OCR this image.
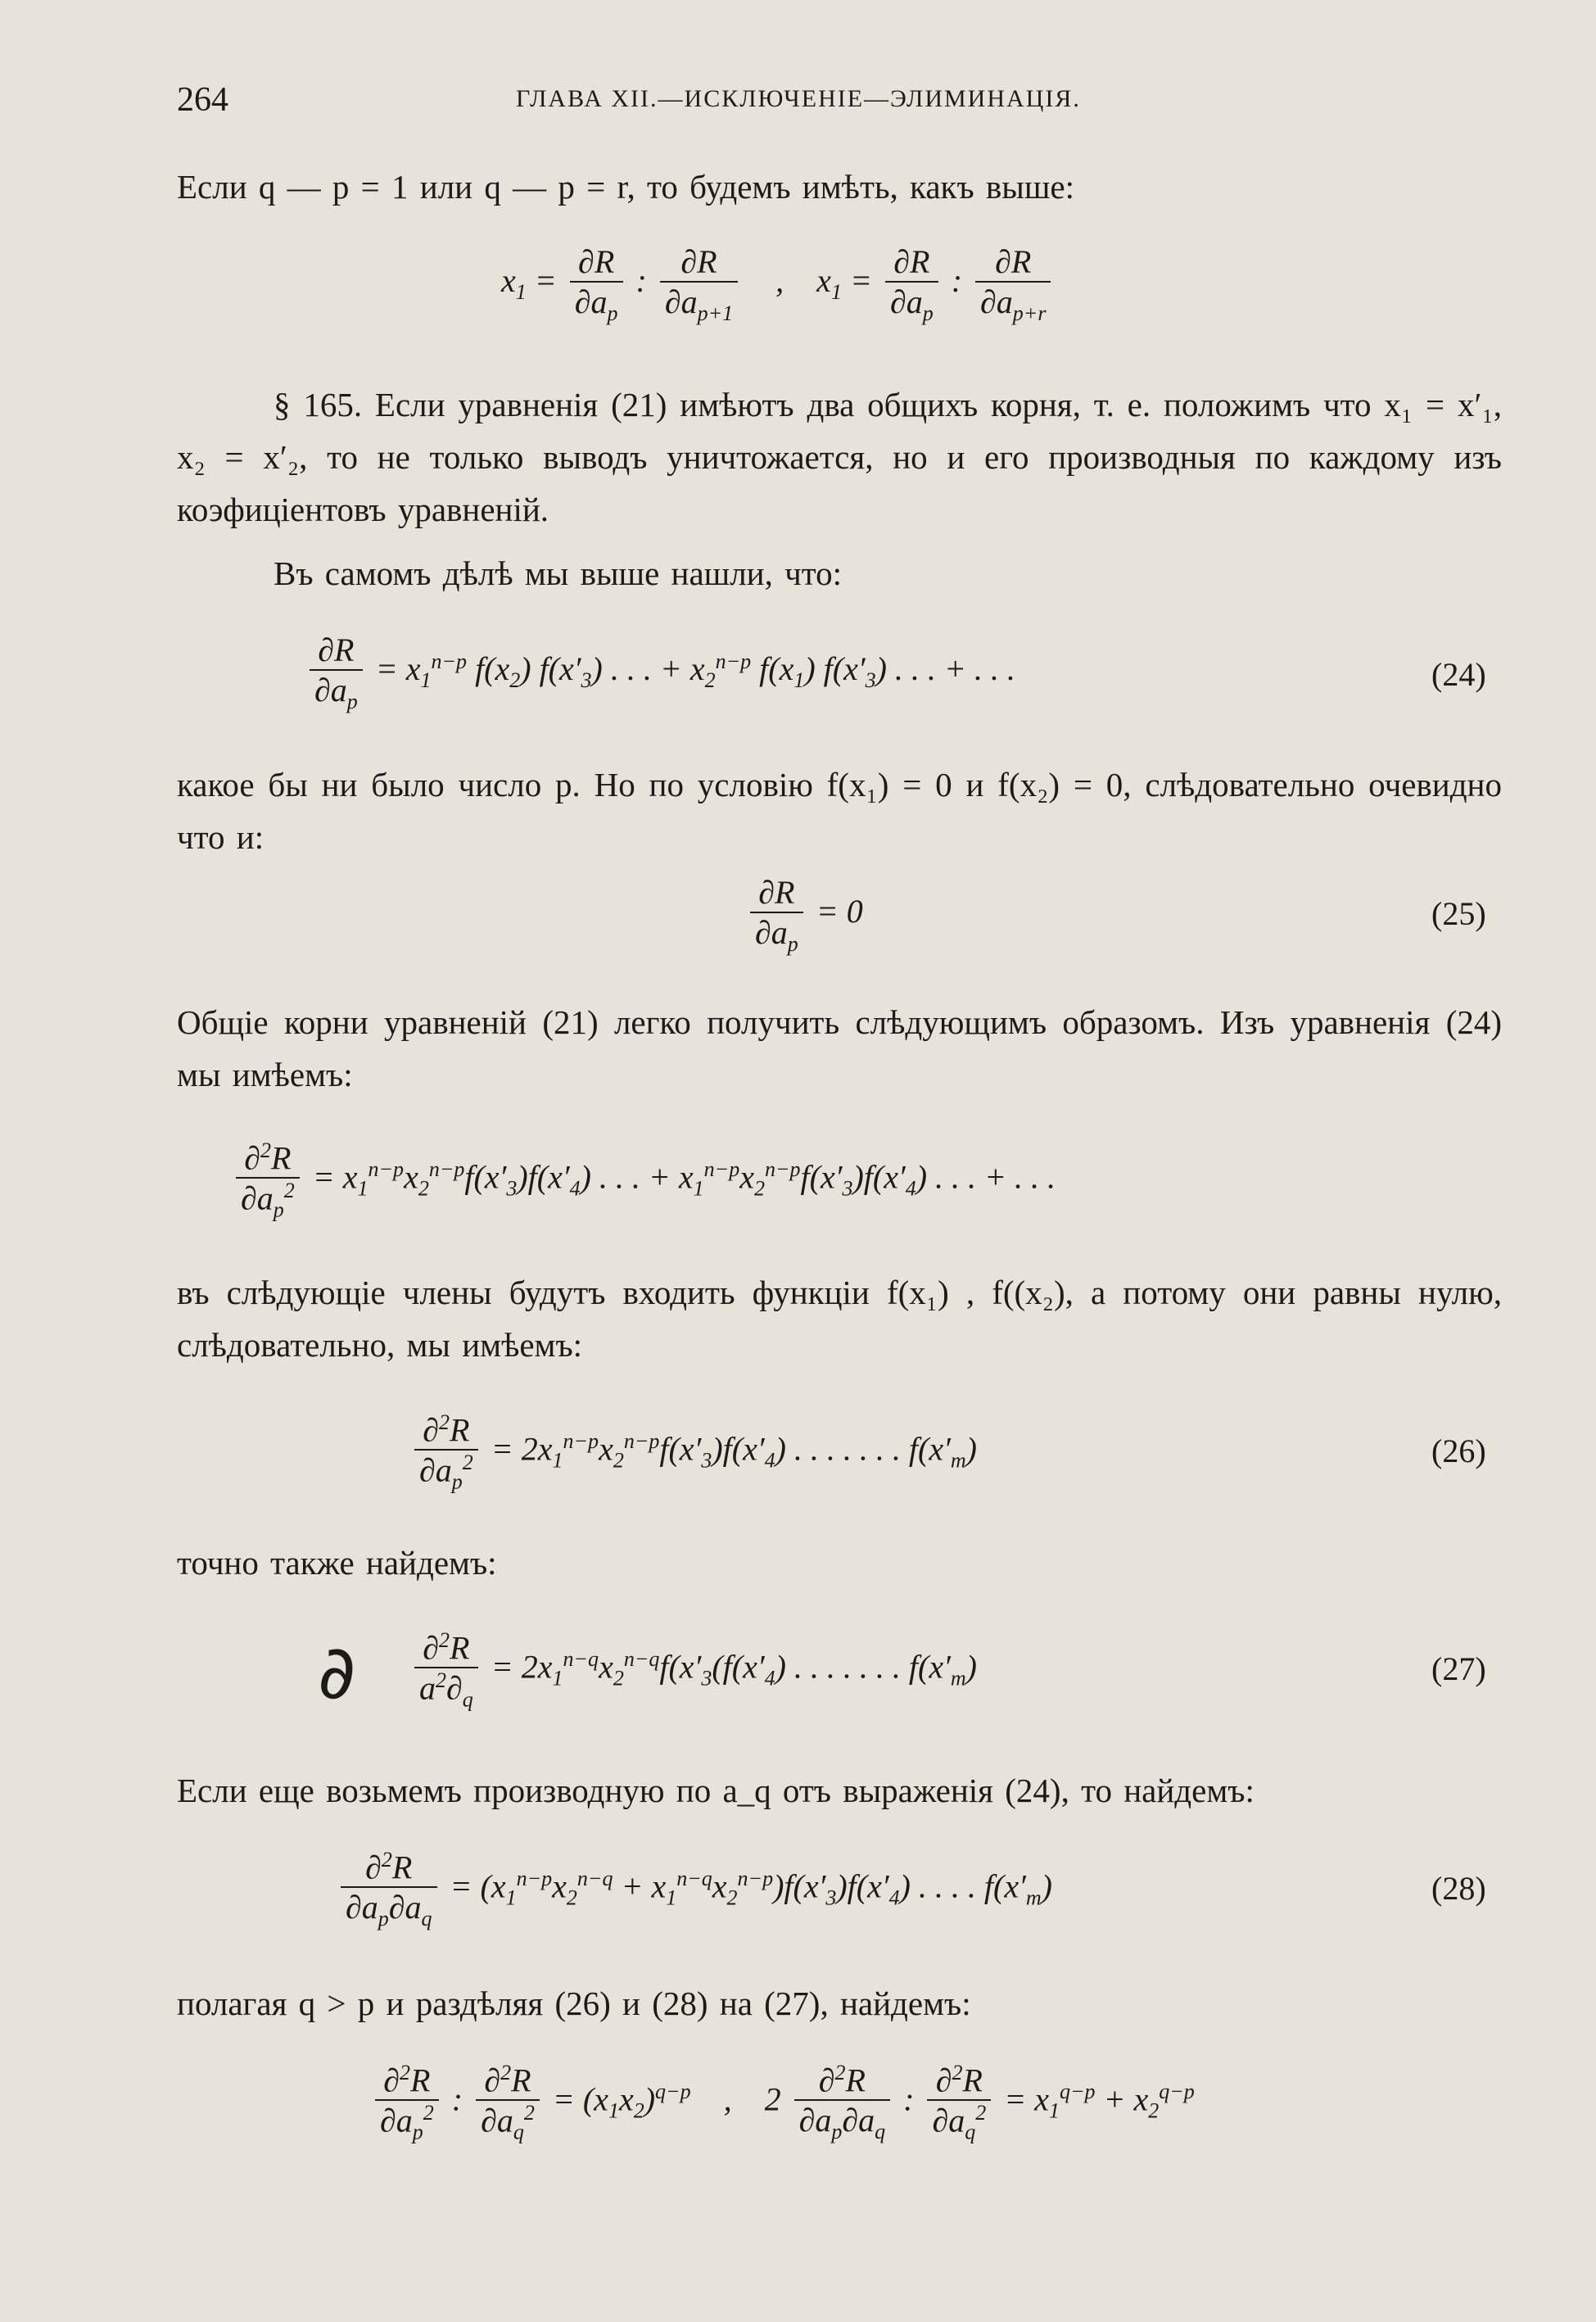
264	ГЛАВА XII.—ИСКЛЮЧЕНІЕ—ЭЛИМИНАЦІЯ.
Если q — p = 1 или q — p = r, то будемъ имѣть, какъ выше:
$x_1 = \frac{\partial R}{\partial a_p}$ : $\frac{\partial R}{\partial a_{p+1}}$ ,    $x_1 = \frac{\partial R}{\partial a_p}$ : $\frac{\partial R}{\partial a_{p+r}}$
§ 165. Если уравненія (21) имѣютъ два общихъ корня, т. е. положимъ что x₁ = x′₁, x₂ = x′₂, то не только выводъ уничтожается, но и его производныя по каждому изъ коэфиціентовъ уравненій.
Въ самомъ дѣлѣ мы выше нашли, что:
$\frac{\partial R}{\partial a_p} = x_1^{n-p}$ $f(x_2)$ $f(x'_3)$ . . . + $x_2^{n-p}$ $f(x_1)$ $f(x'_3)$ . . . + . . .	(24)
какое бы ни было число p. Но по условію f(x₁) = 0 и f(x₂) = 0, слѣдовательно очевидно что и:
$\frac{\partial R}{\partial a_p} = 0$	(25)
Общіе корни уравненій (21) легко получить слѣдующимъ образомъ. Изъ уравненія (24) мы имѣемъ:
$\frac{\partial^2R}{\partial a_p^2} = x_1^{n-p}x_2^{n-p}f(x'_3)f(x'_4)$ . . . + $x_1^{n-p}x_2^{n-p}f(x'_3)f(x'_4)$ . . . + . . .
въ слѣдующіе члены будутъ входить функціи f(x₁) , f((x₂), а потому они равны нулю, слѣдовательно, мы имѣемъ:
$\frac{\partial^2R}{\partial a_p^2} = 2x_1^{n-p}x_2^{n-p}f(x'_3)f(x'_4)$ . . . . . . . $f(x'_m)$	(26)
точно также найдемъ:
∂ $\frac{\partial^2R}{a^2\partial_q} = 2x_1^{n-q}x_2^{n-q}f(x'_3(f(x'_4)$ . . . . . . . $f(x'_m)$	(27)
Если еще возьмемъ производную по a_q отъ выраженія (24), то найдемъ:
$\frac{\partial^2R}{\partial a_p\partial a_q} = (x_1^{n-p}x_2^{n-q} + x_1^{n-q}x_2^{n-p})f(x'_3)f(x'_4)$ . . . . $f(x'_m)$	(28)
полагая q > p и раздѣляя (26) и (28) на (27), найдемъ:
$\frac{\partial^2R}{\partial a_p^2}$ : $\frac{\partial^2R}{\partial a_q^2} = (x_1x_2)^{q-p}$    ,    $2 \frac{\partial^2R}{\partial a_p\partial a_q}$ : $\frac{\partial^2R}{\partial a_q^2} = x_1^{q-p} + x_2^{q-p}$
